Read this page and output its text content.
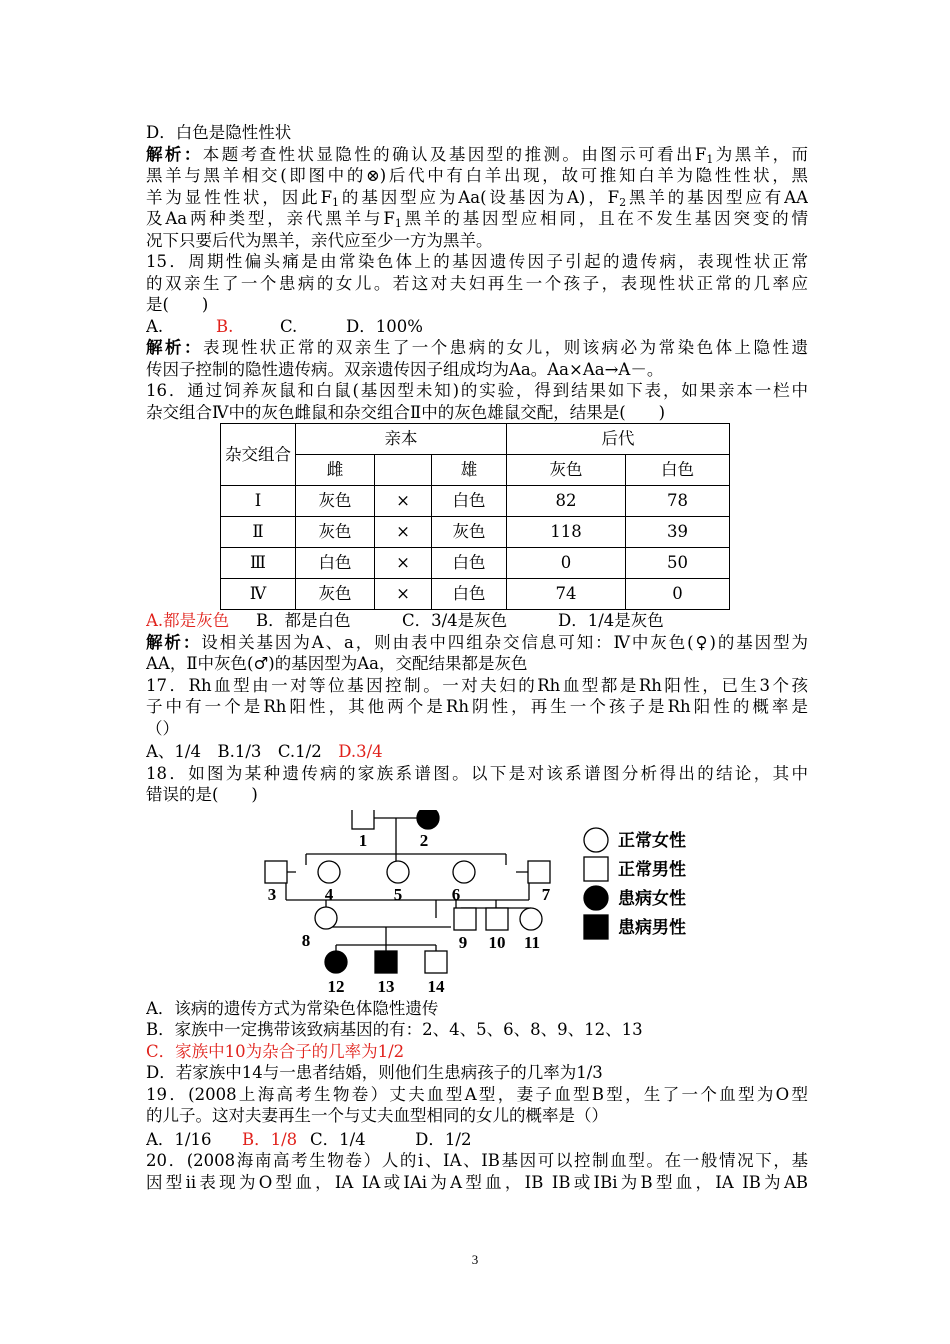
D．白色是隐性性状
解析：本题考查性状显隐性的确认及基因型的推测。由图示可看出$F_1$为黑羊，而
黑羊与黑羊相交(即图中的⊗)后代中有白羊出现，故可推知白羊为隐性性状，黑
羊为显性性状，因此$F_1$的基因型应为Aa(设基因为A)，$F_2$黑羊的基因型应有AA
及Aa两种类型，亲代黑羊与$F_1$黑羊的基因型应相同，且在不发生基因突变的情
况下只要后代为黑羊，亲代应至少一方为黑羊。
15．周期性偏头痛是由常染色体上的基因遗传因子引起的遗传病，表现性状正常
的双亲生了一个患病的女儿。若这对夫妇再生一个孩子，表现性状正常的几率应
是(　　)
A.	B.	C.	D．100%
解析：表现性状正常的双亲生了一个患病的女儿，则该病必为常染色体上隐性遗
传因子控制的隐性遗传病。双亲遗传因子组成均为Aa。Aa×Aa→A－。
16．通过饲养灰鼠和白鼠(基因型未知)的实验，得到结果如下表，如果亲本一栏中
杂交组合Ⅳ中的灰色雌鼠和杂交组合Ⅱ中的灰色雄鼠交配，结果是(　　)
杂交组合	亲本			后代	
	雌		雄	灰色	白色
Ⅰ	灰色	×	白色	82	78
Ⅱ	灰色	×	灰色	118	39
Ⅲ	白色	×	白色	0	50
Ⅳ	灰色	×	白色	74	0
A.都是灰色 B．都是白色	C．3/4是灰色	D．1/4是灰色
解析：设相关基因为A、a，则由表中四组杂交信息可知：Ⅳ中灰色(♀)的基因型为
AA，Ⅱ中灰色(♂)的基因型为Aa，交配结果都是灰色
17．Rh血型由一对等位基因控制。一对夫妇的Rh血型都是Rh阳性，已生3个孩
子中有一个是Rh阳性，其他两个是Rh阴性，再生一个孩子是Rh阳性的概率是
（）
A、1/4　B.1/3　C.1/2　D.3/4
18．如图为某种遗传病的家族系谱图。以下是对该系谱图分析得出的结论，其中
错误的是(　　)
1	2
3	4	5	6	7
8	9 10 11
12 13 14
正常女性
正常男性
患病女性
患病男性
A．该病的遗传方式为常染色体隐性遗传
B．家族中一定携带该致病基因的有：2、4、5、6、8、9、12、13
C．家族中10为杂合子的几率为1/2
D．若家族中14与一患者结婚，则他们生患病孩子的几率为1/3
19．(2008上海高考生物卷）丈夫血型A型，妻子血型B型，生了一个血型为O型
的儿子。这对夫妻再生一个与丈夫血型相同的女儿的概率是（）
A．1/16 B．1/8 C．1/4　　　D．1/2
20．(2008海南高考生物卷）人的i、IA、IB基因可以控制血型。在一般情况下，基
因型ii表现为O型血，IA IA或IAi为A型血，IB IB或IBi为B型血，IA IB为AB
3
